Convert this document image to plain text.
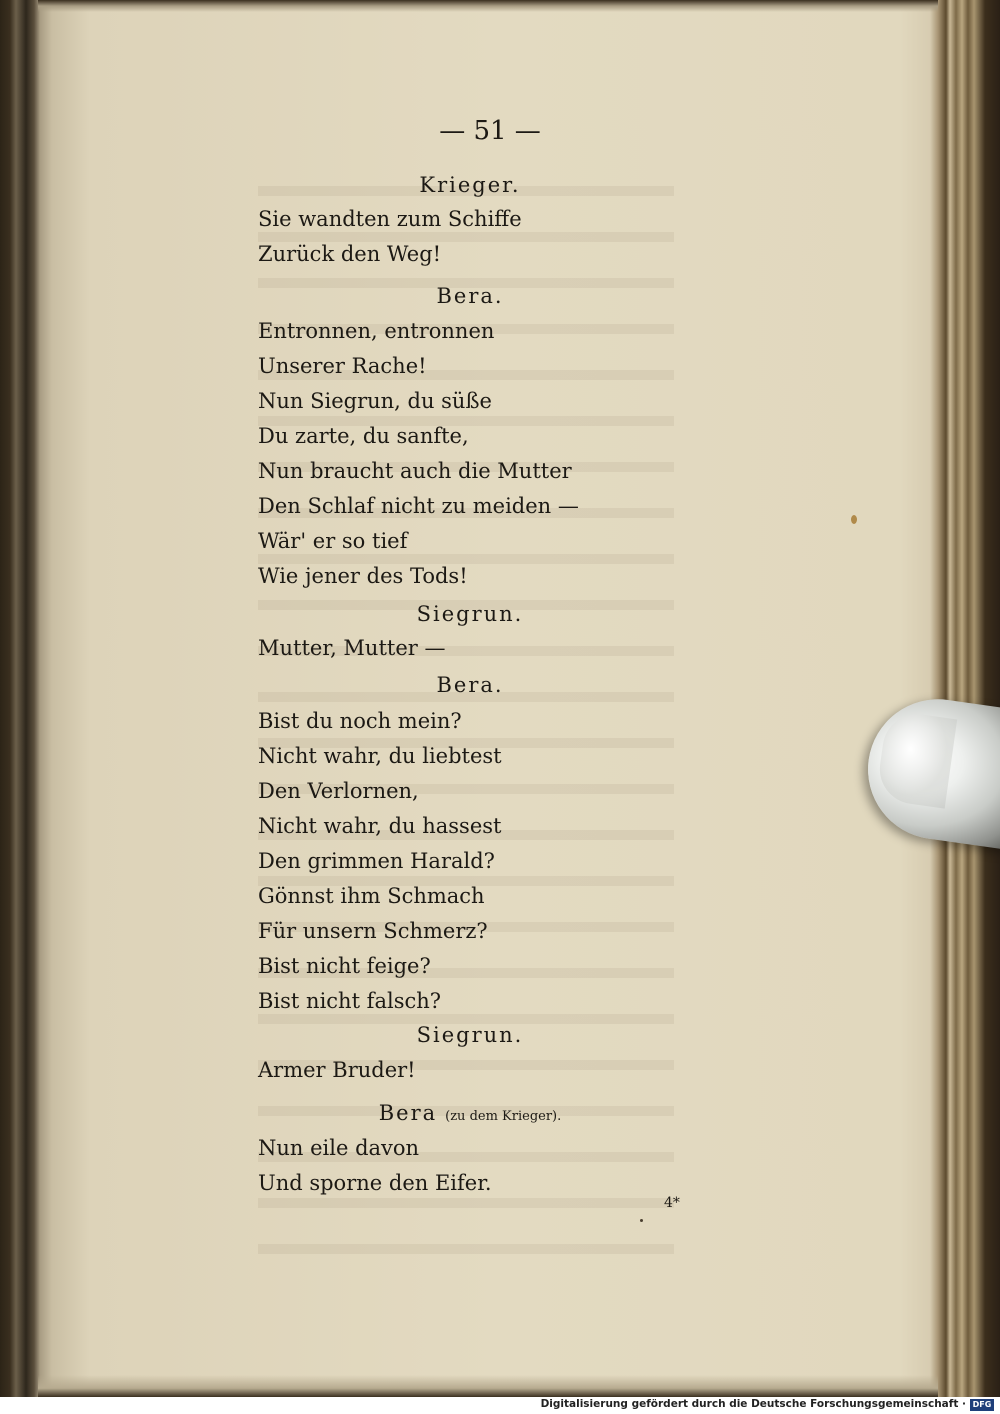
— 51 —
Krieger.
Sie wandten zum Schiffe
Zurück den Weg!
Bera.
Entronnen, entronnen
Unserer Rache!
Nun Siegrun, du süße
Du zarte, du sanfte,
Nun braucht auch die Mutter
Den Schlaf nicht zu meiden —
Wär' er so tief
Wie jener des Tods!
Siegrun.
Mutter, Mutter —
Bera.
Bist du noch mein?
Nicht wahr, du liebtest
Den Verlornen,
Nicht wahr, du hassest
Den grimmen Harald?
Gönnst ihm Schmach
Für unsern Schmerz?
Bist nicht feige?
Bist nicht falsch?
Siegrun.
Armer Bruder!
Bera (zu dem Krieger).
Nun eile davon
Und sporne den Eifer.
4*
Digitalisierung gefördert durch die Deutsche Forschungsgemeinschaft · DFG
